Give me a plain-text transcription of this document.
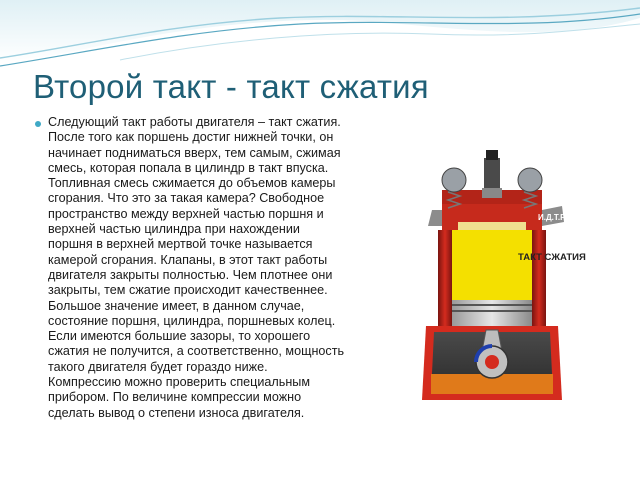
Второй такт - такт сжатия
Следующий такт работы двигателя – такт сжатия.
После того как поршень достиг нижней точки, он
начинает подниматься вверх, тем самым, сжимая
смесь, которая попала в цилиндр в такт впуска.
Топливная смесь сжимается до объемов камеры
сгорания. Что это за такая камера? Свободное
пространство между верхней частью поршня и
верхней частью цилиндра при нахождении
поршня в верхней мертвой точке называется
камерой сгорания. Клапаны, в этот такт работы
двигателя закрыты полностью. Чем плотнее они
закрыты, тем сжатие происходит качественнее.
Большое значение имеет, в данном случае,
состояние поршня, цилиндра, поршневых колец.
Если имеются большие зазоры, то хорошего
сжатия не получится, а соответственно, мощность
такого двигателя будет гораздо ниже.
Компрессию можно проверить специальным
прибором. По величине компрессии можно
сделать вывод о степени износа двигателя.
И.Д.Т.Р.©
ТАКТ СЖАТИЯ
